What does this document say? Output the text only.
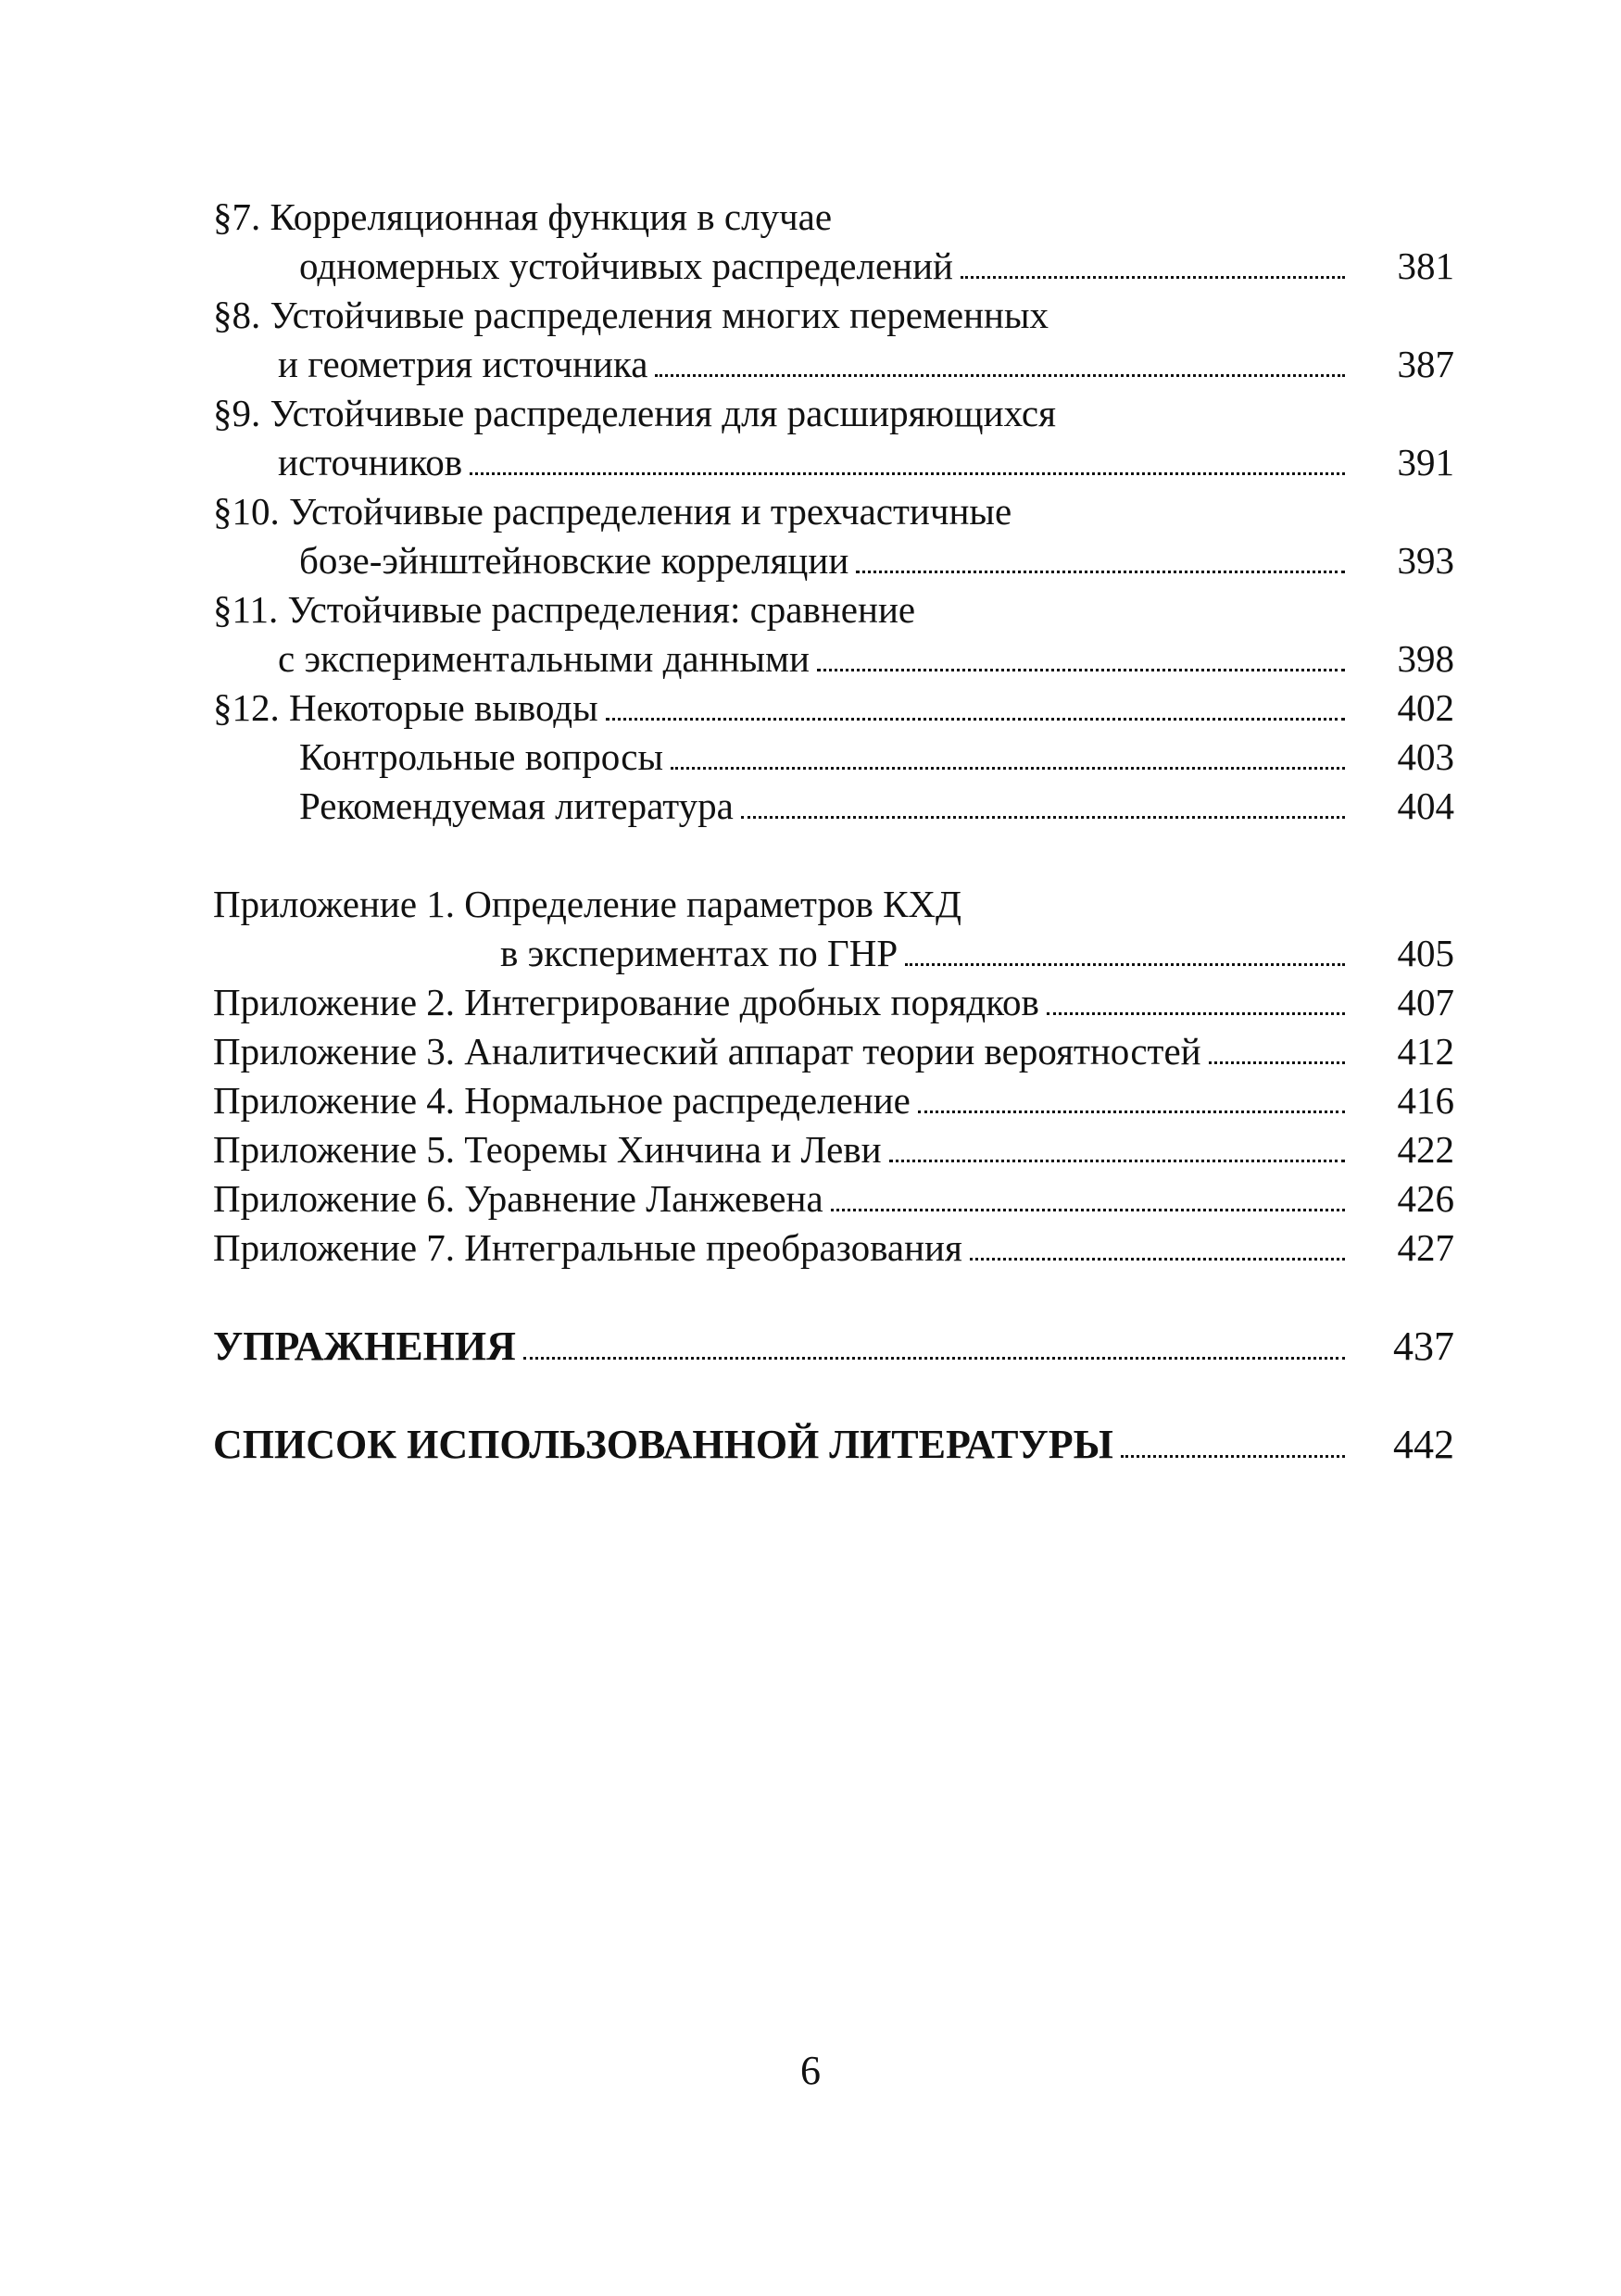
§7. Корреляционная функция в случае
одномерных устойчивых распределений	381
§8. Устойчивые распределения многих переменных
и геометрия источника	387
§9. Устойчивые распределения для расширяющихся
источников	391
§10. Устойчивые распределения и трехчастичные
бозе-эйнштейновские корреляции	393
§11. Устойчивые распределения: сравнение
с экспериментальными данными	398
§12. Некоторые выводы	402
Контрольные вопросы	403
Рекомендуемая литература	404
Приложение 1. Определение параметров КХД
в экспериментах по ГНР	405
Приложение 2. Интегрирование дробных порядков	407
Приложение 3. Аналитический аппарат теории вероятностей	412
Приложение 4. Нормальное распределение	416
Приложение 5. Теоремы Хинчина и Леви	422
Приложение 6. Уравнение Ланжевена	426
Приложение 7. Интегральные преобразования	427
УПРАЖНЕНИЯ	437
СПИСОК ИСПОЛЬЗОВАННОЙ ЛИТЕРАТУРЫ	442
6
